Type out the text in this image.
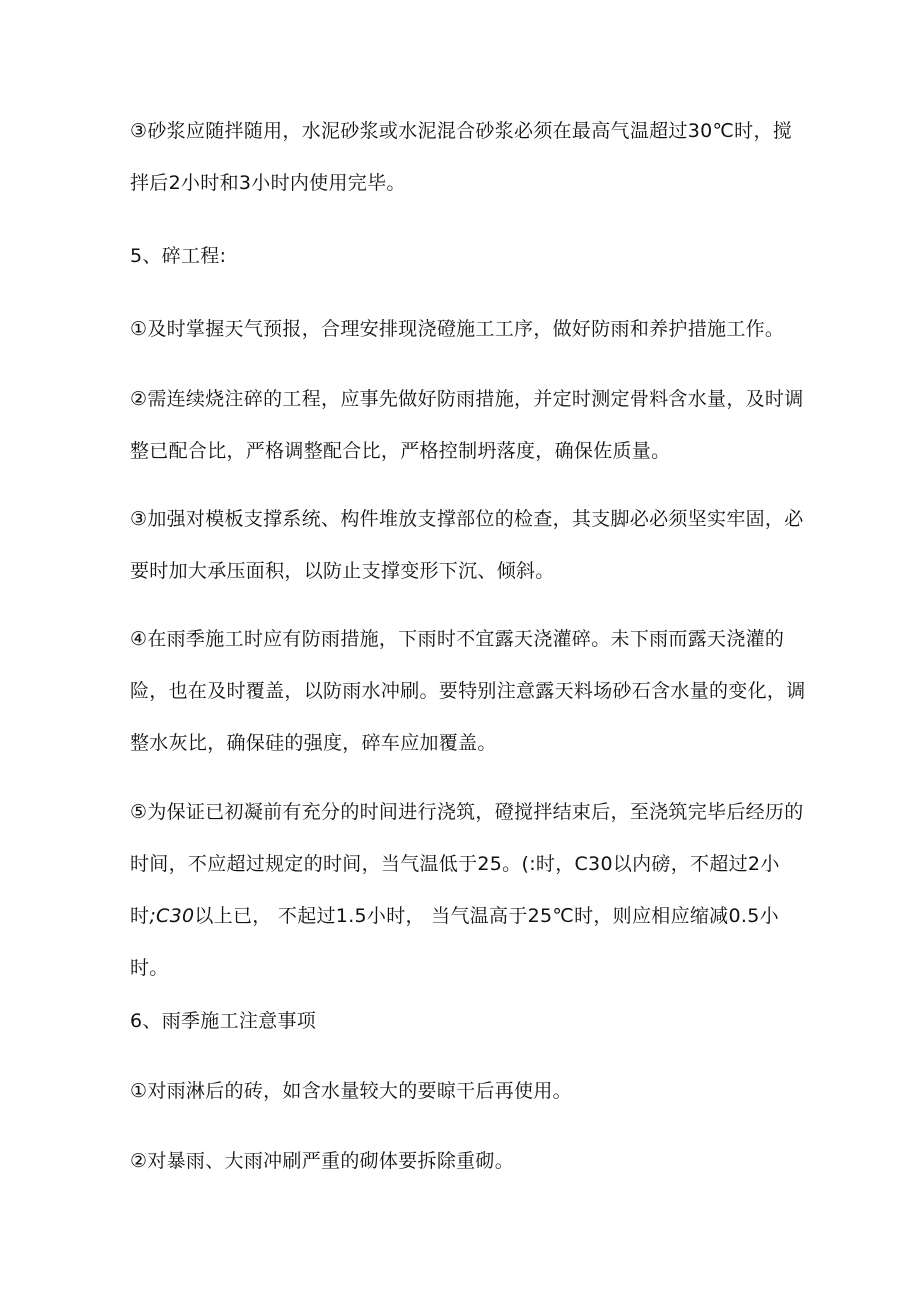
③砂浆应随拌随用，水泥砂浆或水泥混合砂浆必须在最高气温超过30℃时，搅拌后2小时和3小时内使用完毕。

5、碎工程:

①及时掌握天气预报，合理安排现浇磴施工工序，做好防雨和养护措施工作。

②需连续烧注碎的工程，应事先做好防雨措施，并定时测定骨料含水量，及时调整已配合比，严格调整配合比，严格控制坍落度，确保佐质量。

③加强对模板支撑系统、构件堆放支撑部位的检查，其支脚必必须坚实牢固，必要时加大承压面积，以防止支撑变形下沉、倾斜。

④在雨季施工时应有防雨措施，下雨时不宜露天浇灌碎。未下雨而露天浇灌的险，也在及时覆盖，以防雨水冲刷。要特别注意露天料场砂石含水量的变化，调整水灰比，确保硅的强度，碎车应加覆盖。

⑤为保证已初凝前有充分的时间进行浇筑，磴搅拌结束后，至浇筑完毕后经历的时间，不应超过规定的时间，当气温低于25。(:时，C30以内磅，不超过2小时;C30以上已， 不起过1.5小时， 当气温高于25℃时，则应相应缩减0.5小时。

6、雨季施工注意事项

①对雨淋后的砖，如含水量较大的要晾干后再使用。

②对暴雨、大雨冲刷严重的砌体要拆除重砌。
